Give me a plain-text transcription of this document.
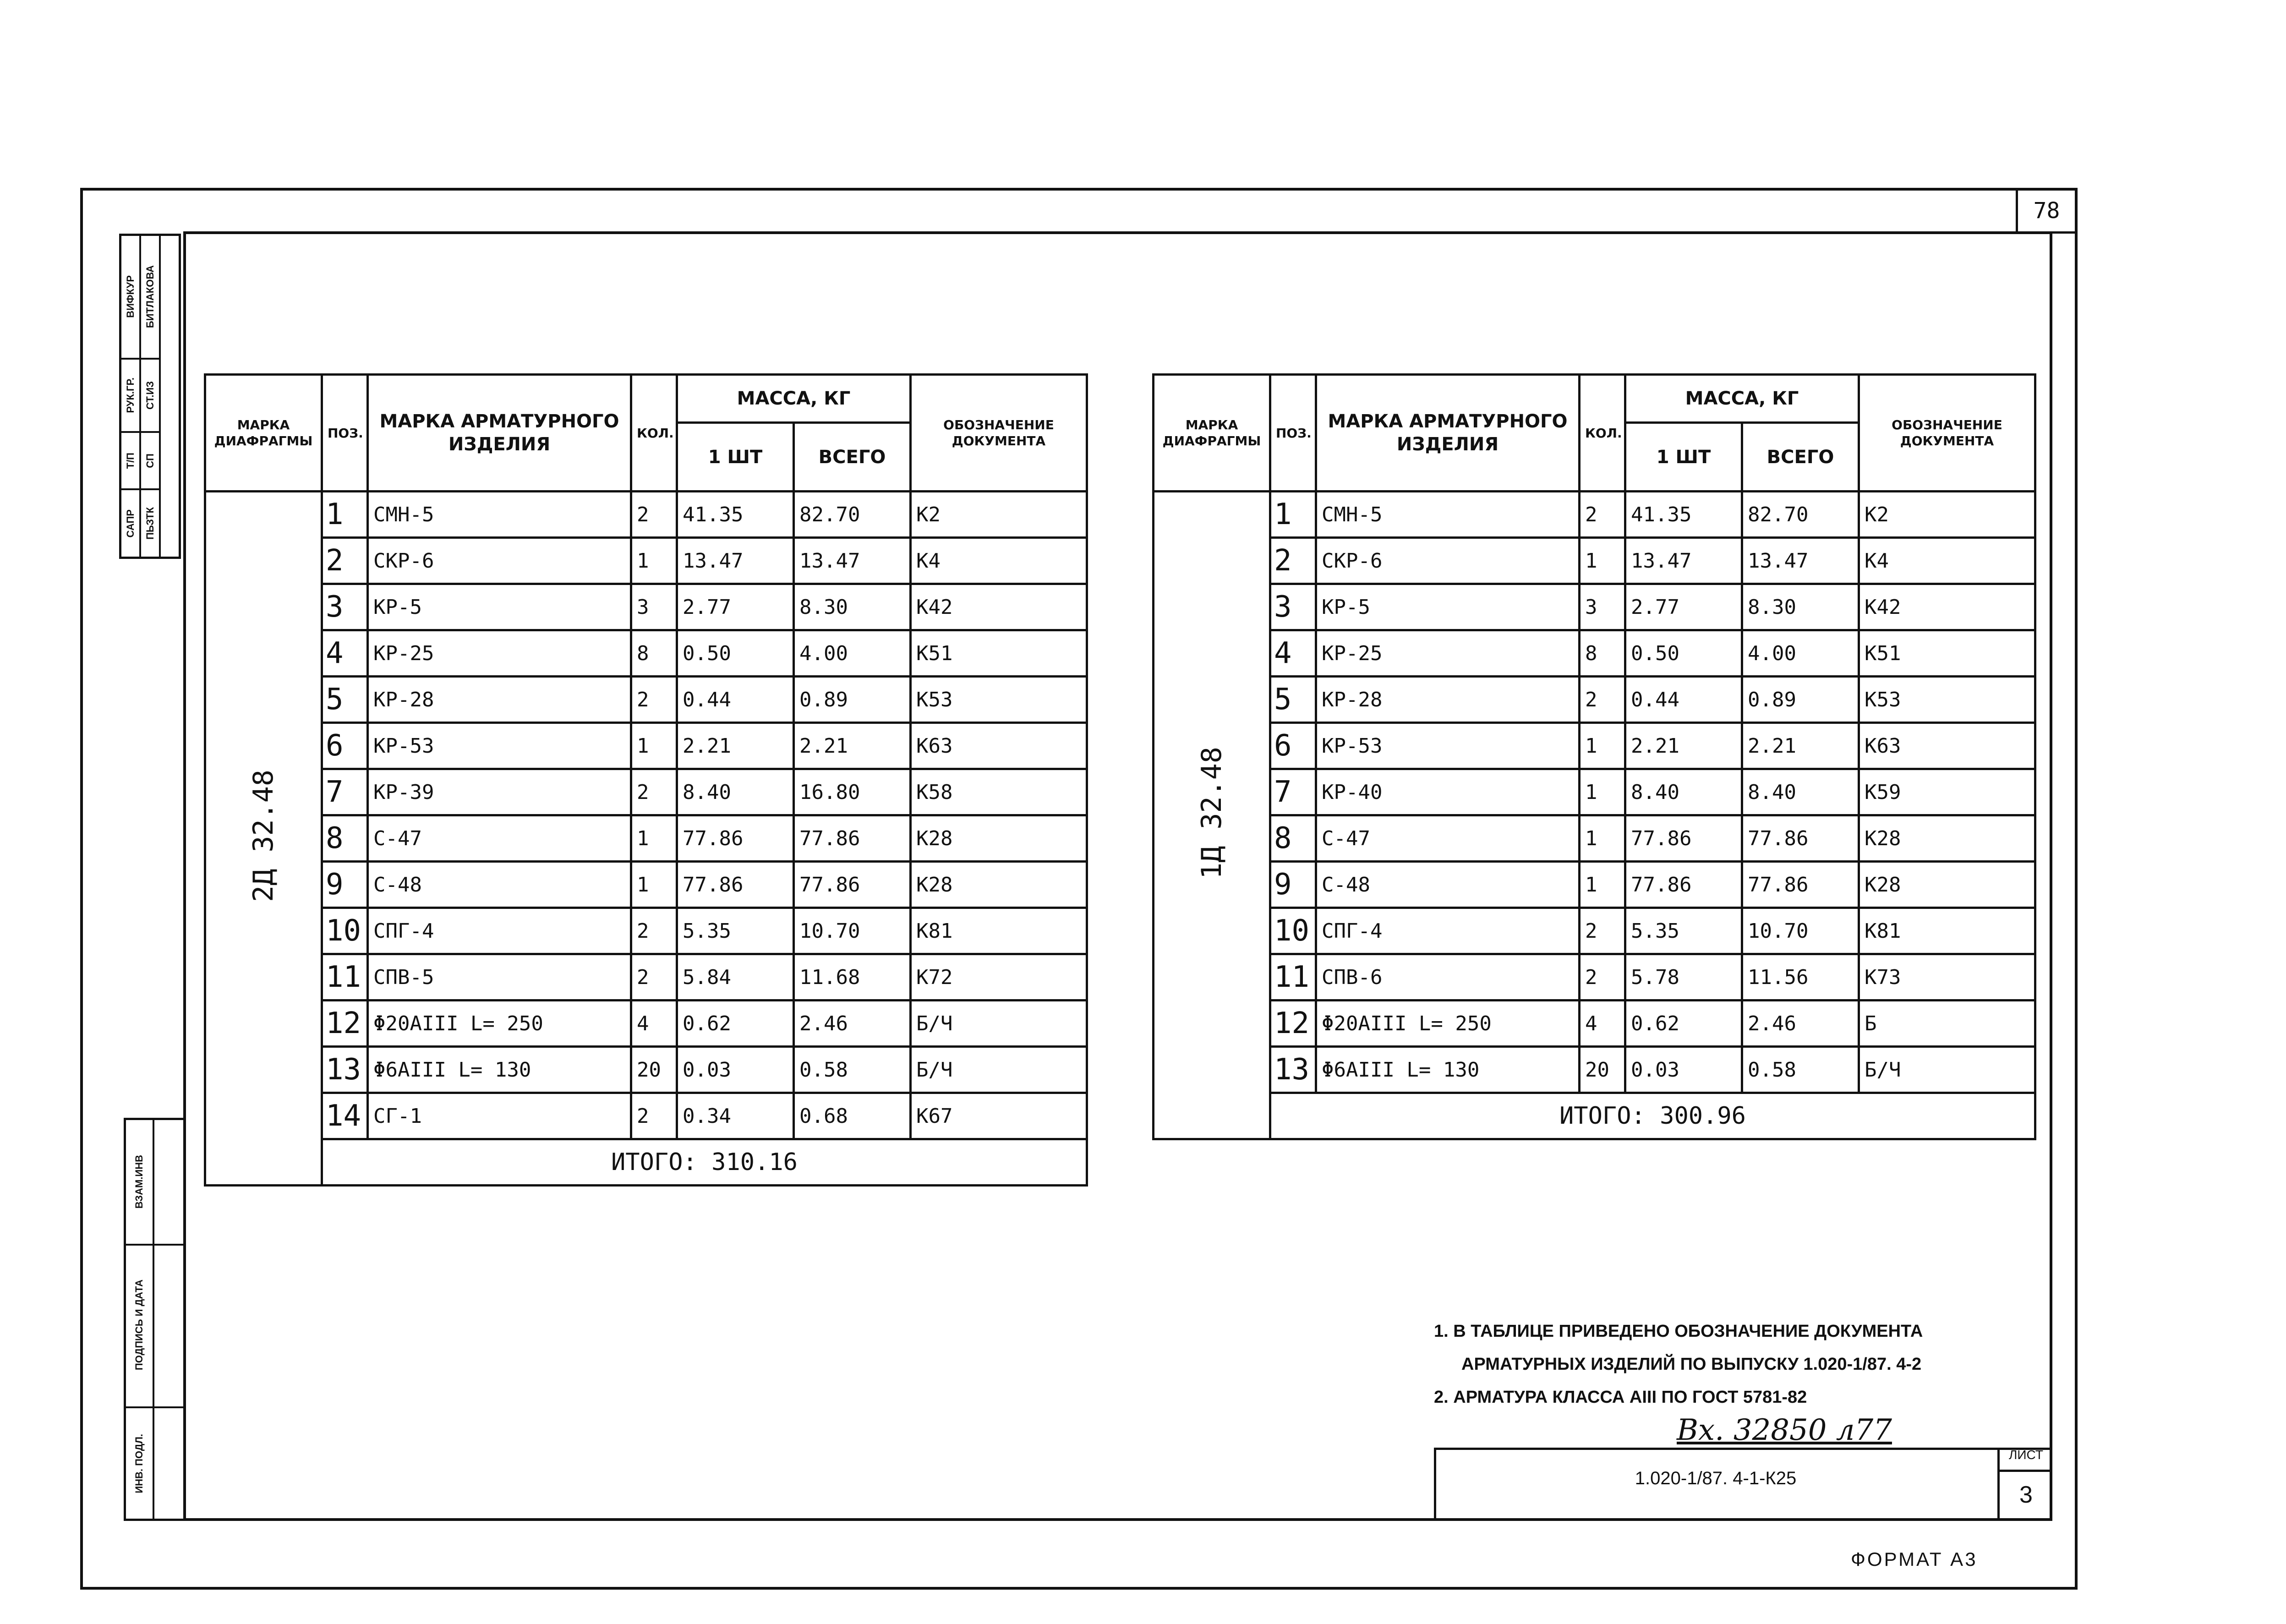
78
ВИФКУР
РУК.ГР.
Т/П
САПР
БИТЛАКОВА
СТ.ИЗ
СП
ПЬЗТК
ВЗАМ.ИНВ
ПОДПИСЬ И ДАТА
ИНВ. ПОДЛ.
МАРКА ДИАФРАГМЫ	ПОЗ.	МАРКА АРМАТУРНОГО ИЗДЕЛИЯ	КОЛ.	МАССА, КГ		ОБОЗНАЧЕНИЕ ДОКУМЕНТА
				1 ШТ	ВСЕГО	
2Д 32.48	1	СМН-5	2	41.35	82.70	К2
	2	СКР-6	1	13.47	13.47	К4
	3	КР-5	3	2.77	8.30	К42
	4	КР-25	8	0.50	4.00	К51
	5	КР-28	2	0.44	0.89	К53
	6	КР-53	1	2.21	2.21	К63
	7	КР-39	2	8.40	16.80	К58
	8	С-47	1	77.86	77.86	К28
	9	С-48	1	77.86	77.86	К28
	10	СПГ-4	2	5.35	10.70	К81
	11	СПВ-5	2	5.84	11.68	К72
	12	Φ20AIII L= 250	4	0.62	2.46	Б/Ч
	13	Φ6AIII L= 130	20	0.03	0.58	Б/Ч
	14	СГ-1	2	0.34	0.68	К67
	ИТОГО: 310.16					
МАРКА ДИАФРАГМЫ	ПОЗ.	МАРКА АРМАТУРНОГО ИЗДЕЛИЯ	КОЛ.	МАССА, КГ		ОБОЗНАЧЕНИЕ ДОКУМЕНТА
				1 ШТ	ВСЕГО	
1Д 32.48	1	СМН-5	2	41.35	82.70	К2
	2	СКР-6	1	13.47	13.47	К4
	3	КР-5	3	2.77	8.30	К42
	4	КР-25	8	0.50	4.00	К51
	5	КР-28	2	0.44	0.89	К53
	6	КР-53	1	2.21	2.21	К63
	7	КР-40	1	8.40	8.40	К59
	8	С-47	1	77.86	77.86	К28
	9	С-48	1	77.86	77.86	К28
	10	СПГ-4	2	5.35	10.70	К81
	11	СПВ-6	2	5.78	11.56	К73
	12	Φ20AIII L= 250	4	0.62	2.46	Б
	13	Φ6AIII L= 130	20	0.03	0.58	Б/Ч
	ИТОГО: 300.96					
1. В ТАБЛИЦЕ ПРИВЕДЕНО ОБОЗНАЧЕНИЕ ДОКУМЕНТА
АРМАТУРНЫХ ИЗДЕЛИЙ ПО ВЫПУСКУ 1.020-1/87. 4-2
2. АРМАТУРА КЛАССА AIII ПО ГОСТ 5781-82
Вх. 32850 л77
1.020-1/87. 4-1-К25
ЛИСТ
3
ФОРМАТ А3
